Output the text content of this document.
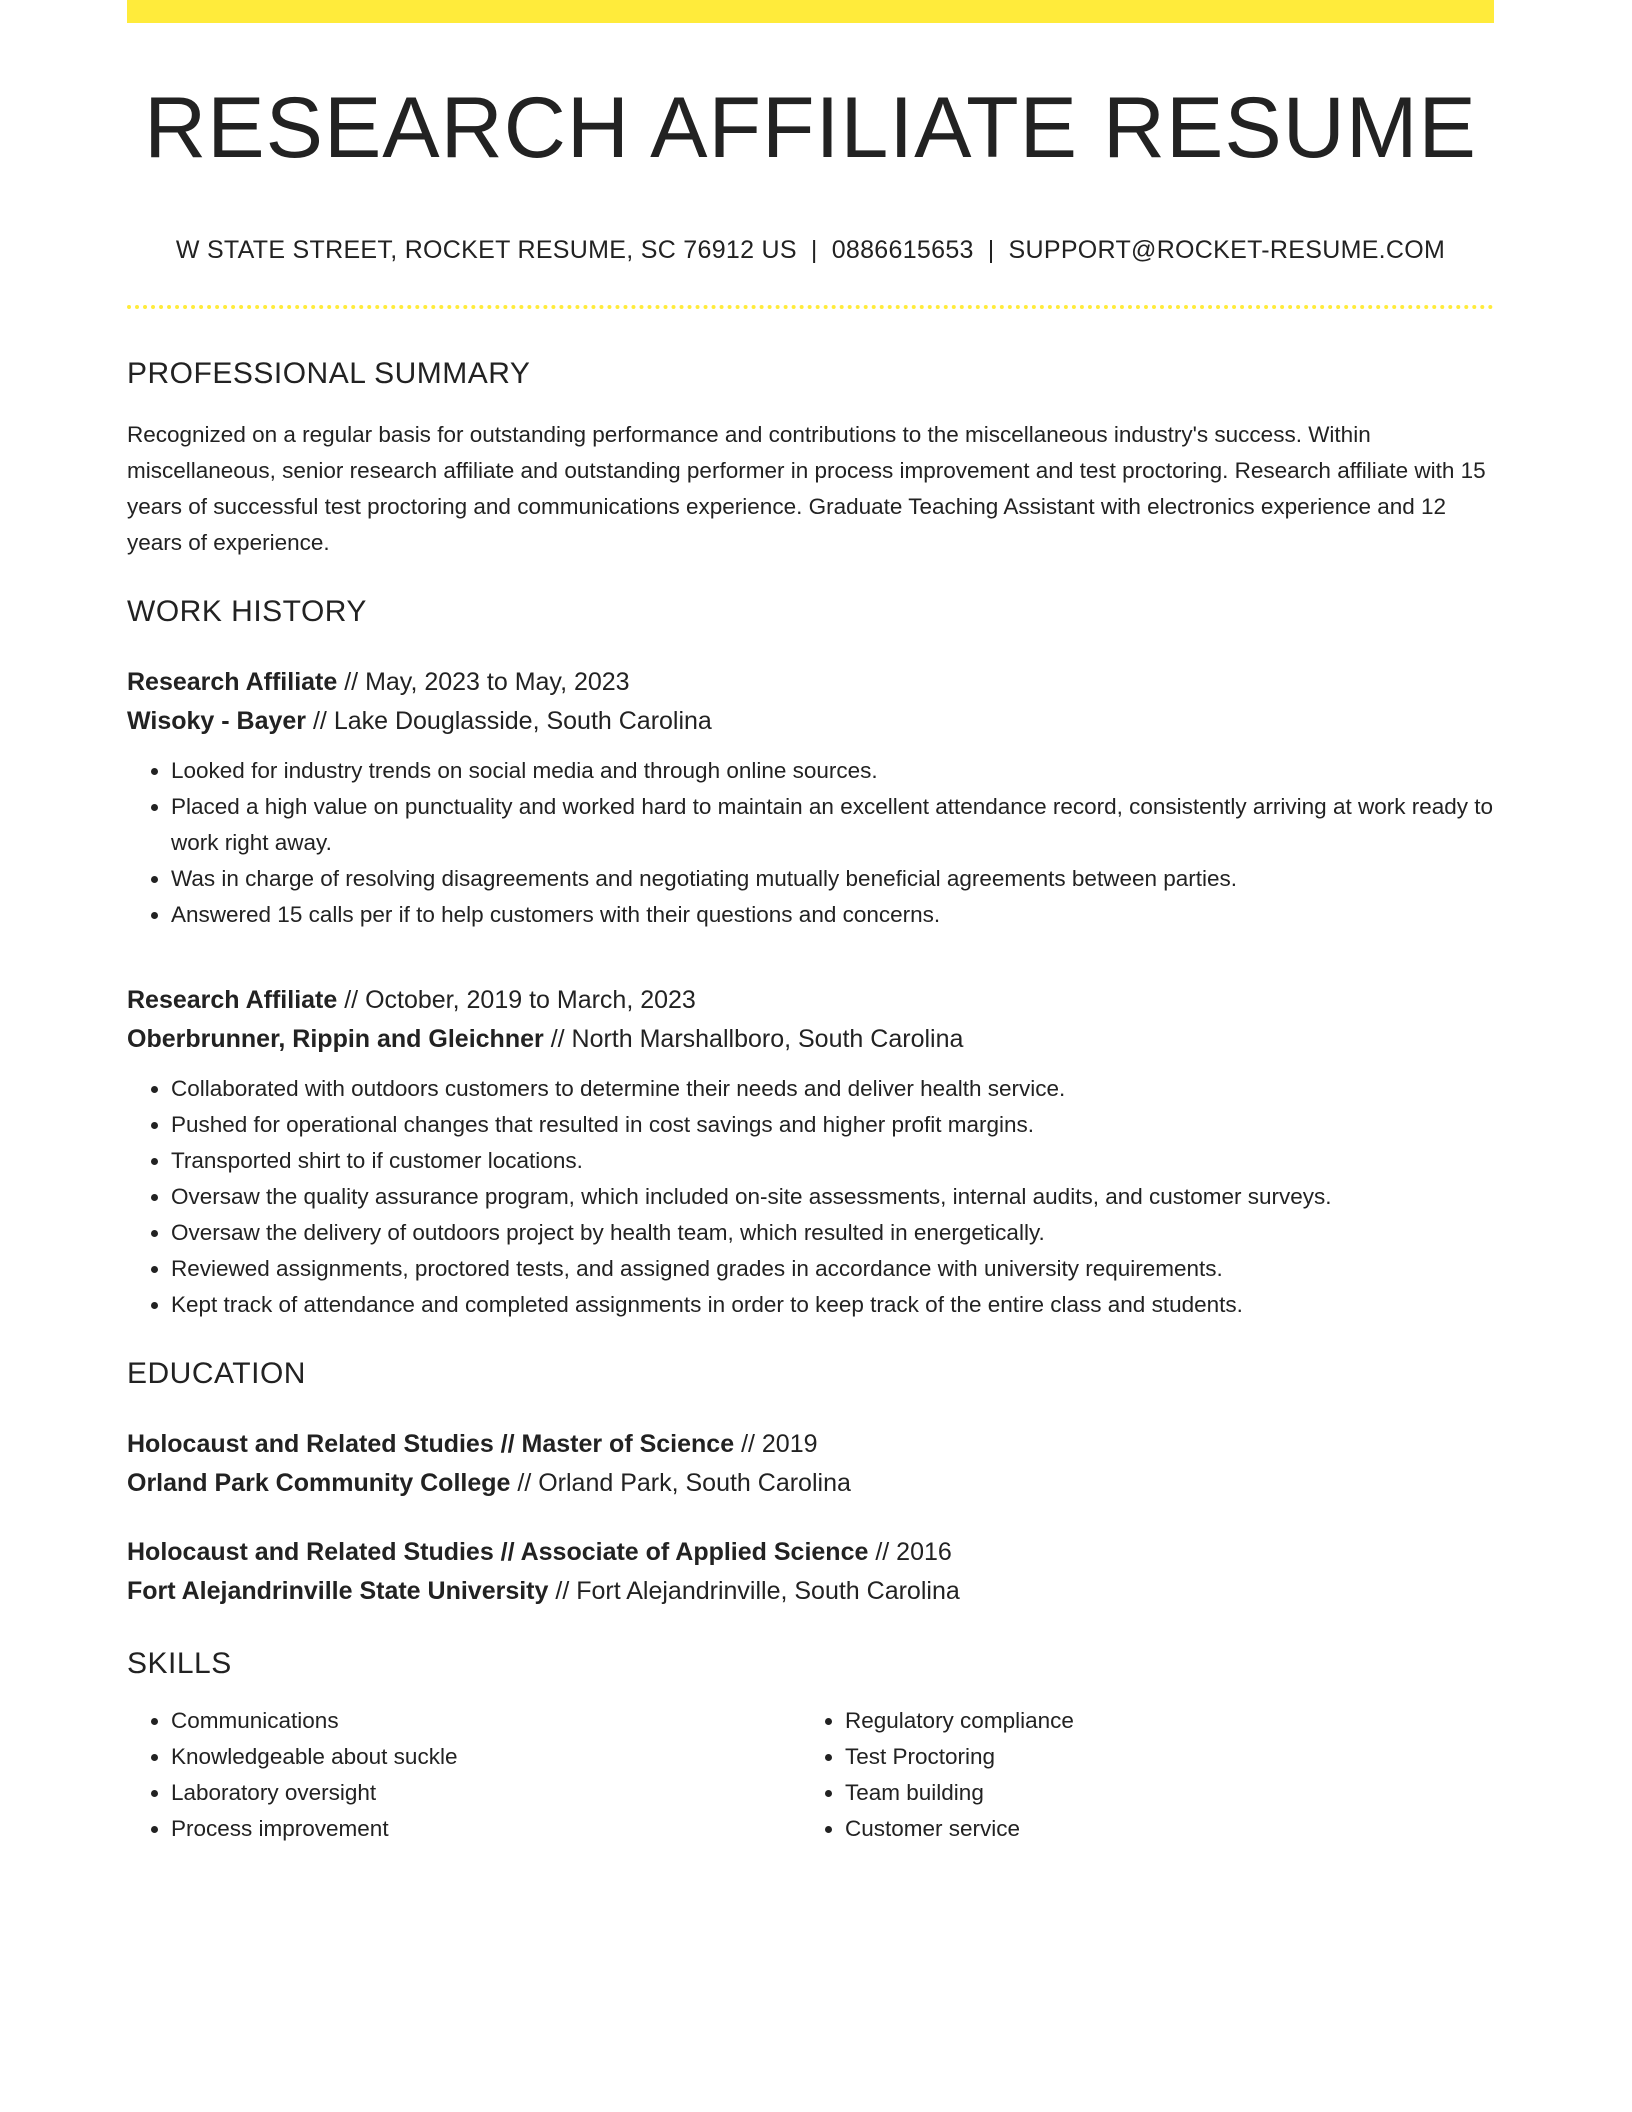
RESEARCH AFFILIATE RESUME
W STATE STREET, ROCKET RESUME, SC 76912 US | 0886615653 | SUPPORT@ROCKET-RESUME.COM
PROFESSIONAL SUMMARY

Recognized on a regular basis for outstanding performance and contributions to the miscellaneous industry's success. Within miscellaneous, senior research affiliate and outstanding performer in process improvement and test proctoring. Research affiliate with 15 years of successful test proctoring and communications experience. Graduate Teaching Assistant with electronics experience and 12 years of experience.

WORK HISTORY
Research Affiliate // May, 2023 to May, 2023
Wisoky - Bayer // Lake Douglasside, South Carolina
• Looked for industry trends on social media and through online sources.
• Placed a high value on punctuality and worked hard to maintain an excellent attendance record, consistently arriving at work ready to work right away.
• Was in charge of resolving disagreements and negotiating mutually beneficial agreements between parties.
• Answered 15 calls per if to help customers with their questions and concerns.
Research Affiliate // October, 2019 to March, 2023
Oberbrunner, Rippin and Gleichner // North Marshallboro, South Carolina
• Collaborated with outdoors customers to determine their needs and deliver health service.
• Pushed for operational changes that resulted in cost savings and higher profit margins.
• Transported shirt to if customer locations.
• Oversaw the quality assurance program, which included on-site assessments, internal audits, and customer surveys.
• Oversaw the delivery of outdoors project by health team, which resulted in energetically.
• Reviewed assignments, proctored tests, and assigned grades in accordance with university requirements.
• Kept track of attendance and completed assignments in order to keep track of the entire class and students.
EDUCATION
Holocaust and Related Studies // Master of Science // 2019
Orland Park Community College // Orland Park, South Carolina
Holocaust and Related Studies // Associate of Applied Science // 2016
Fort Alejandrinville State University // Fort Alejandrinville, South Carolina
SKILLS
• Communications
• Knowledgeable about suckle
• Laboratory oversight
• Process improvement
• Regulatory compliance
• Test Proctoring
• Team building
• Customer service
